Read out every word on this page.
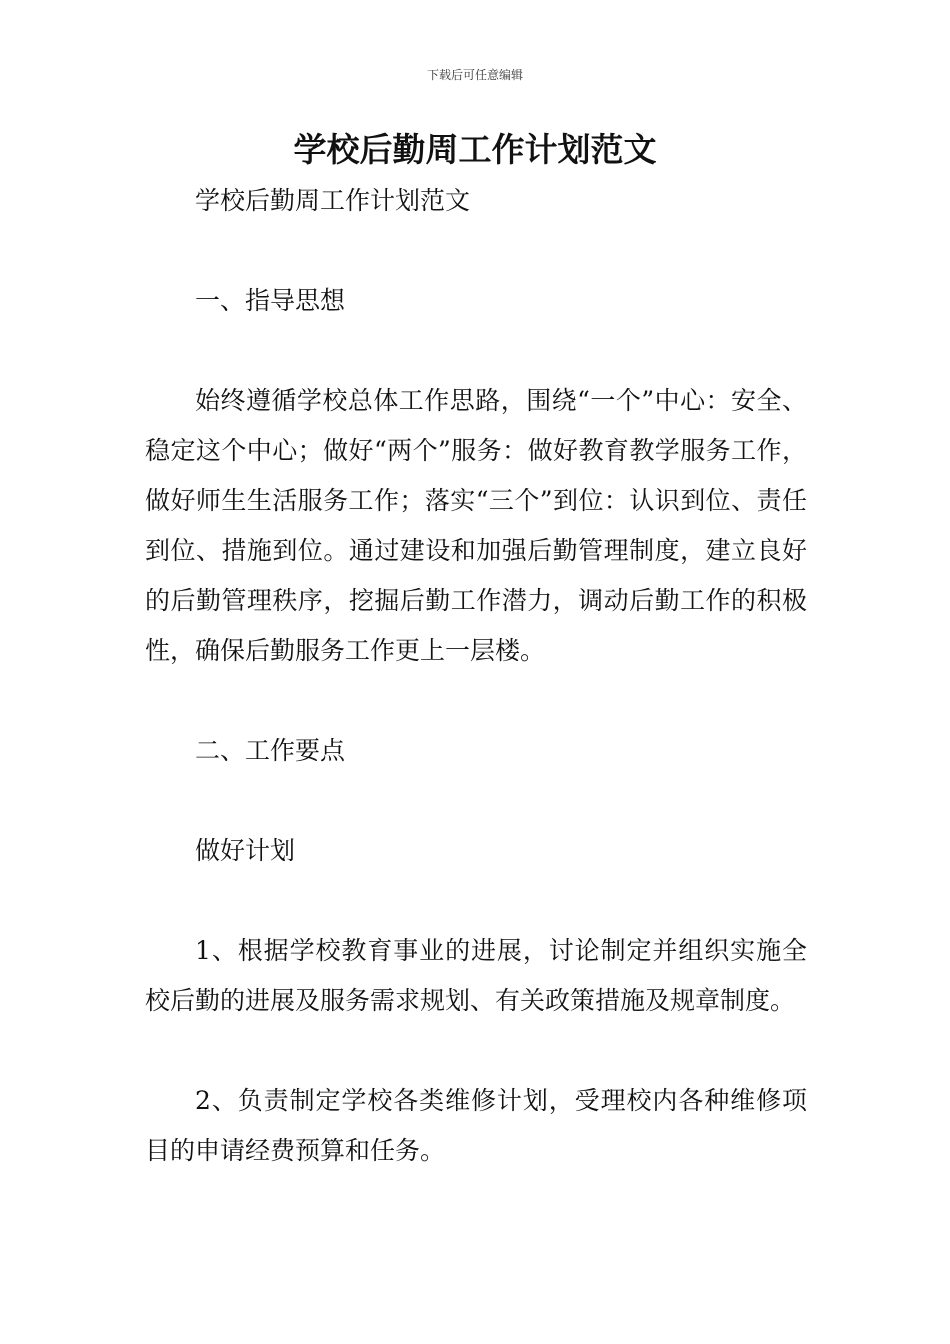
下载后可任意编辑
学校后勤周工作计划范文

学校后勤周工作计划范文

一、指导思想

始终遵循学校总体工作思路，围绕“一个”中心：安全、稳定这个中心；做好“两个”服务：做好教育教学服务工作，做好师生生活服务工作；落实“三个”到位：认识到位、责任到位、措施到位。通过建设和加强后勤管理制度，建立良好的后勤管理秩序，挖掘后勤工作潜力，调动后勤工作的积极性，确保后勤服务工作更上一层楼。

二、工作要点

做好计划

1、根据学校教育事业的进展，讨论制定并组织实施全校后勤的进展及服务需求规划、有关政策措施及规章制度。

2、负责制定学校各类维修计划，受理校内各种维修项目的申请经费预算和任务。
